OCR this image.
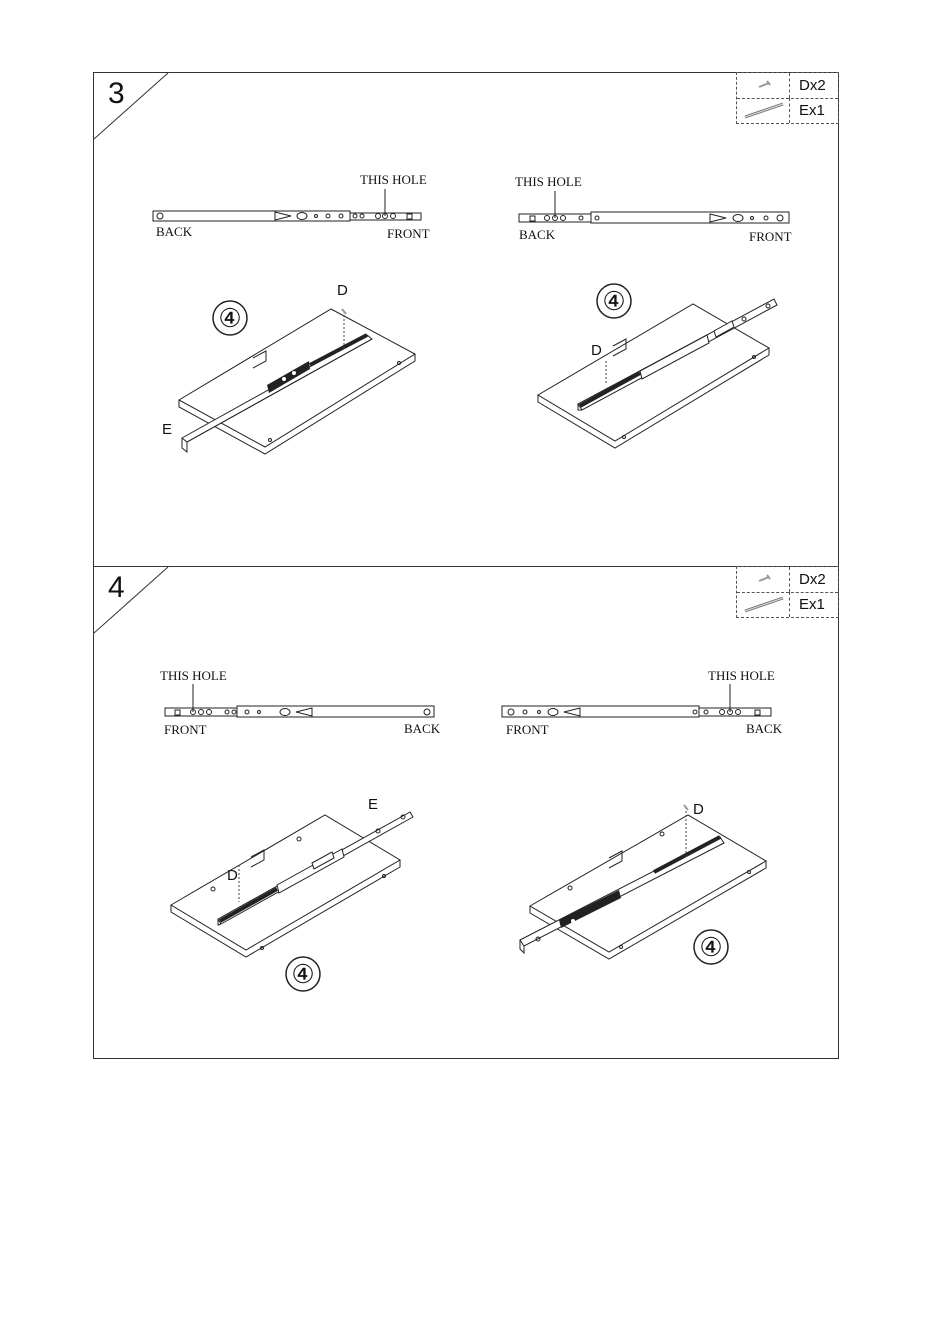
3	Dx2
Ex1
THIS HOLE
BACK	FRONT
THIS HOLE
BACK	FRONT
④
D
E
④
D
4	Dx2
Ex1
THIS HOLE
FRONT	BACK
THIS HOLE
FRONT	BACK
④
D
E
④
D
